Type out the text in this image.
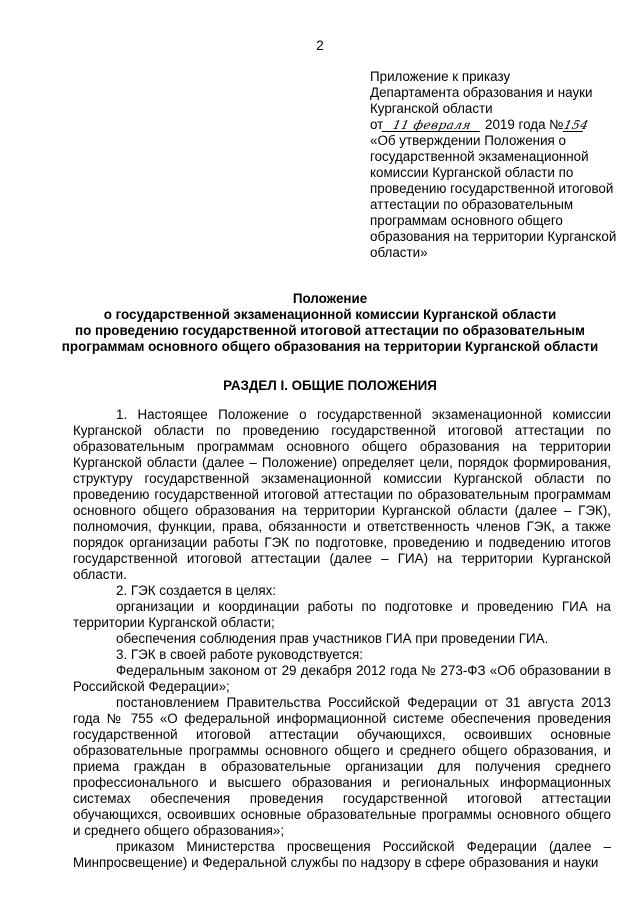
2
Приложение к приказу
Департамента образования и науки
Курганской области
от 11 февраля 2019 года №154
«Об утверждении Положения о
государственной экзаменационной
комиссии Курганской области по
проведению государственной итоговой
аттестации по образовательным
программам основного общего
образования на территории Курганской
области»
Положение
о государственной экзаменационной комиссии Курганской области
по проведению государственной итоговой аттестации по образовательным
программам основного общего образования на территории Курганской области
РАЗДЕЛ I. ОБЩИЕ ПОЛОЖЕНИЯ

1. Настоящее Положение о государственной экзаменационной комиссии Курганской области по проведению государственной итоговой аттестации по образовательным программам основного общего образования на территории Курганской области (далее – Положение) определяет цели, порядок формирования, структуру государственной экзаменационной комиссии Курганской области по проведению государственной итоговой аттестации по образовательным программам основного общего образования на территории Курганской области (далее – ГЭК), полномочия, функции, права, обязанности и ответственность членов ГЭК, а также порядок организации работы ГЭК по подготовке, проведению и подведению итогов государственной итоговой аттестации (далее – ГИА) на территории Курганской области.

2. ГЭК создается в целях:

организации и координации работы по подготовке и проведению ГИА на территории Курганской области;

обеспечения соблюдения прав участников ГИА при проведении ГИА.

3. ГЭК в своей работе руководствуется:

Федеральным законом от 29 декабря 2012 года № 273-ФЗ «Об образовании в Российской Федерации»;

постановлением Правительства Российской Федерации от 31 августа 2013 года № 755 «О федеральной информационной системе обеспечения проведения государственной итоговой аттестации обучающихся, освоивших основные образовательные программы основного общего и среднего общего образования, и приема граждан в образовательные организации для получения среднего профессионального и высшего образования и региональных информационных системах обеспечения проведения государственной итоговой аттестации обучающихся, освоивших основные образовательные программы основного общего и среднего общего образования»;

приказом Министерства просвещения Российской Федерации (далее – Минпросвещение) и Федеральной службы по надзору в сфере образования и науки
